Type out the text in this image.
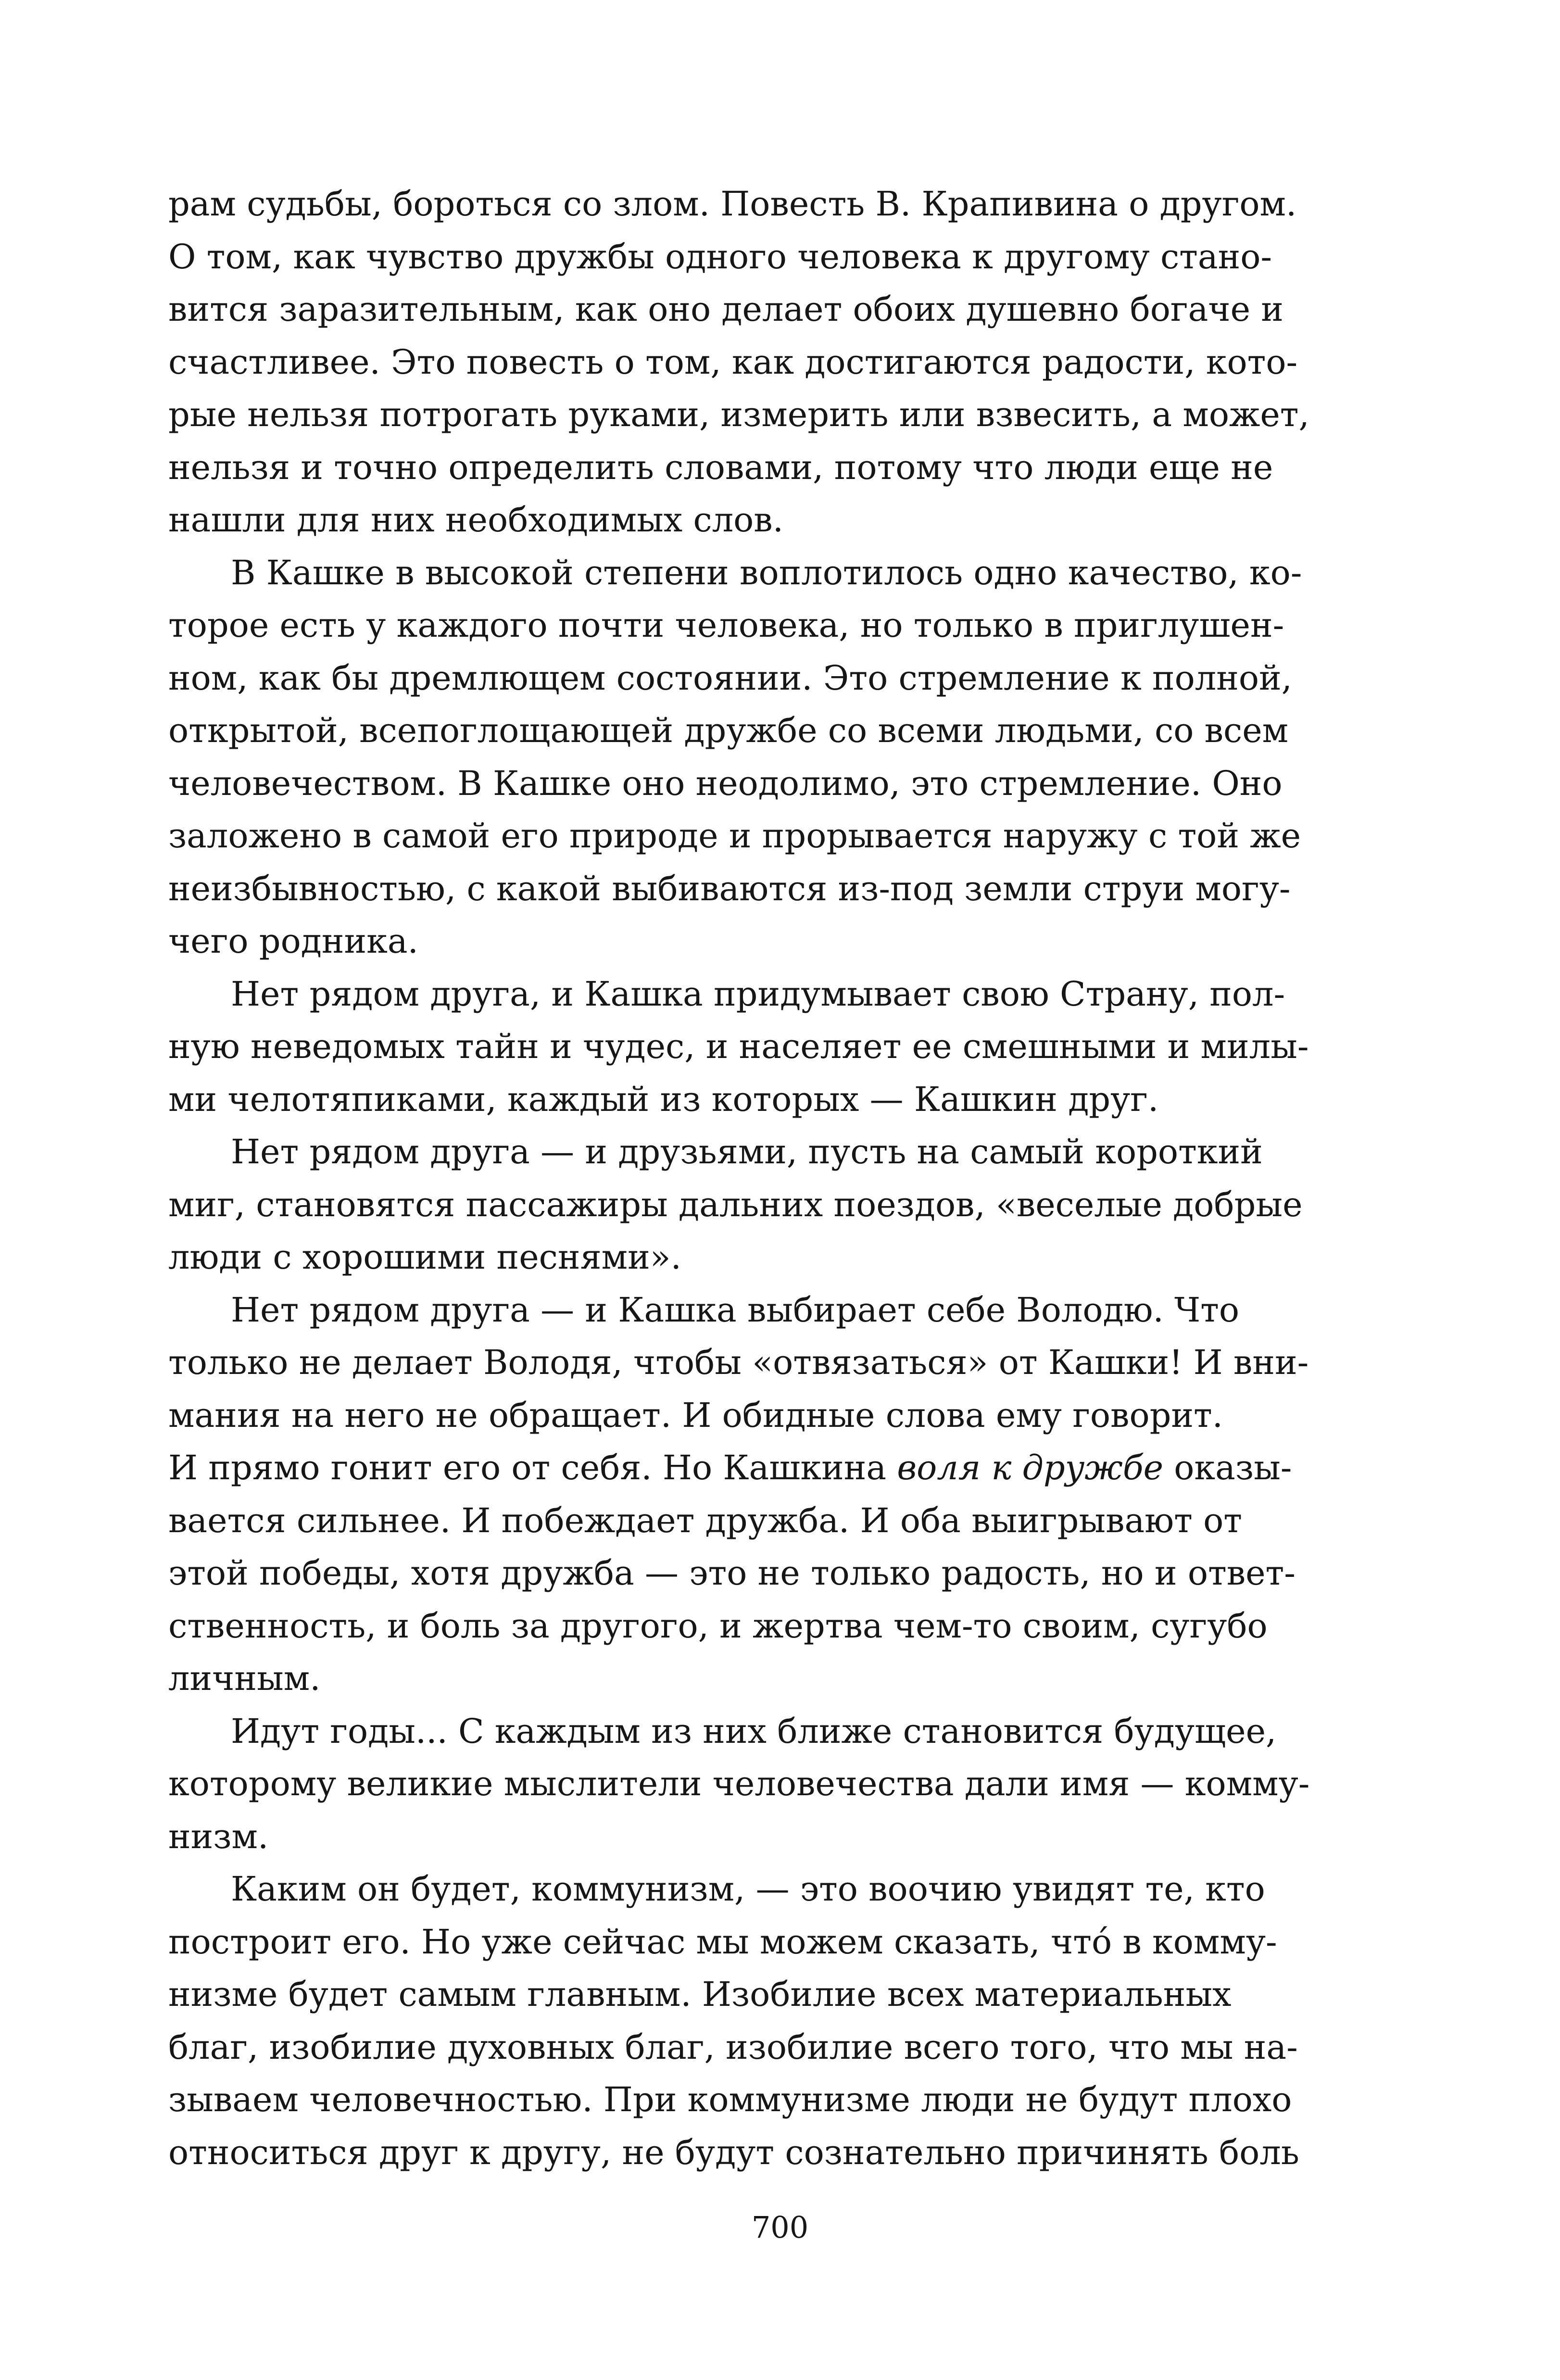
рам судьбы, бороться со злом. Повесть В. Крапивина о другом.
О том, как чувство дружбы одного человека к другому стано-
вится заразительным, как оно делает обоих душевно богаче и
счастливее. Это повесть о том, как достигаются радости, кото-
рые нельзя потрогать руками, измерить или взвесить, а может,
нельзя и точно определить словами, потому что люди еще не
нашли для них необходимых слов.
В Кашке в высокой степени воплотилось одно качество, ко-
торое есть у каждого почти человека, но только в приглушен-
ном, как бы дремлющем состоянии. Это стремление к полной,
открытой, всепоглощающей дружбе со всеми людьми, со всем
человечеством. В Кашке оно неодолимо, это стремление. Оно
заложено в самой его природе и прорывается наружу с той же
неизбывностью, с какой выбиваются из-под земли струи могу-
чего родника.
Нет рядом друга, и Кашка придумывает свою Страну, пол-
ную неведомых тайн и чудес, и населяет ее смешными и милы-
ми челотяпиками, каждый из которых — Кашкин друг.
Нет рядом друга — и друзьями, пусть на самый короткий
миг, становятся пассажиры дальних поездов, «веселые добрые
люди с хорошими песнями».
Нет рядом друга — и Кашка выбирает себе Володю. Что
только не делает Володя, чтобы «отвязаться» от Кашки! И вни-
мания на него не обращает. И обидные слова ему говорит.
И прямо гонит его от себя. Но Кашкина воля к дружбе оказы-
вается сильнее. И побеждает дружба. И оба выигрывают от
этой победы, хотя дружба — это не только радость, но и ответ-
ственность, и боль за другого, и жертва чем-то своим, сугубо
личным.
Идут годы... С каждым из них ближе становится будущее,
которому великие мыслители человечества дали имя — комму-
низм.
Каким он будет, коммунизм, — это воочию увидят те, кто
построит его. Но уже сейчас мы можем сказать, что́ в комму-
низме будет самым главным. Изобилие всех материальных
благ, изобилие духовных благ, изобилие всего того, что мы на-
зываем человечностью. При коммунизме люди не будут плохо
относиться друг к другу, не будут сознательно причинять боль
700
